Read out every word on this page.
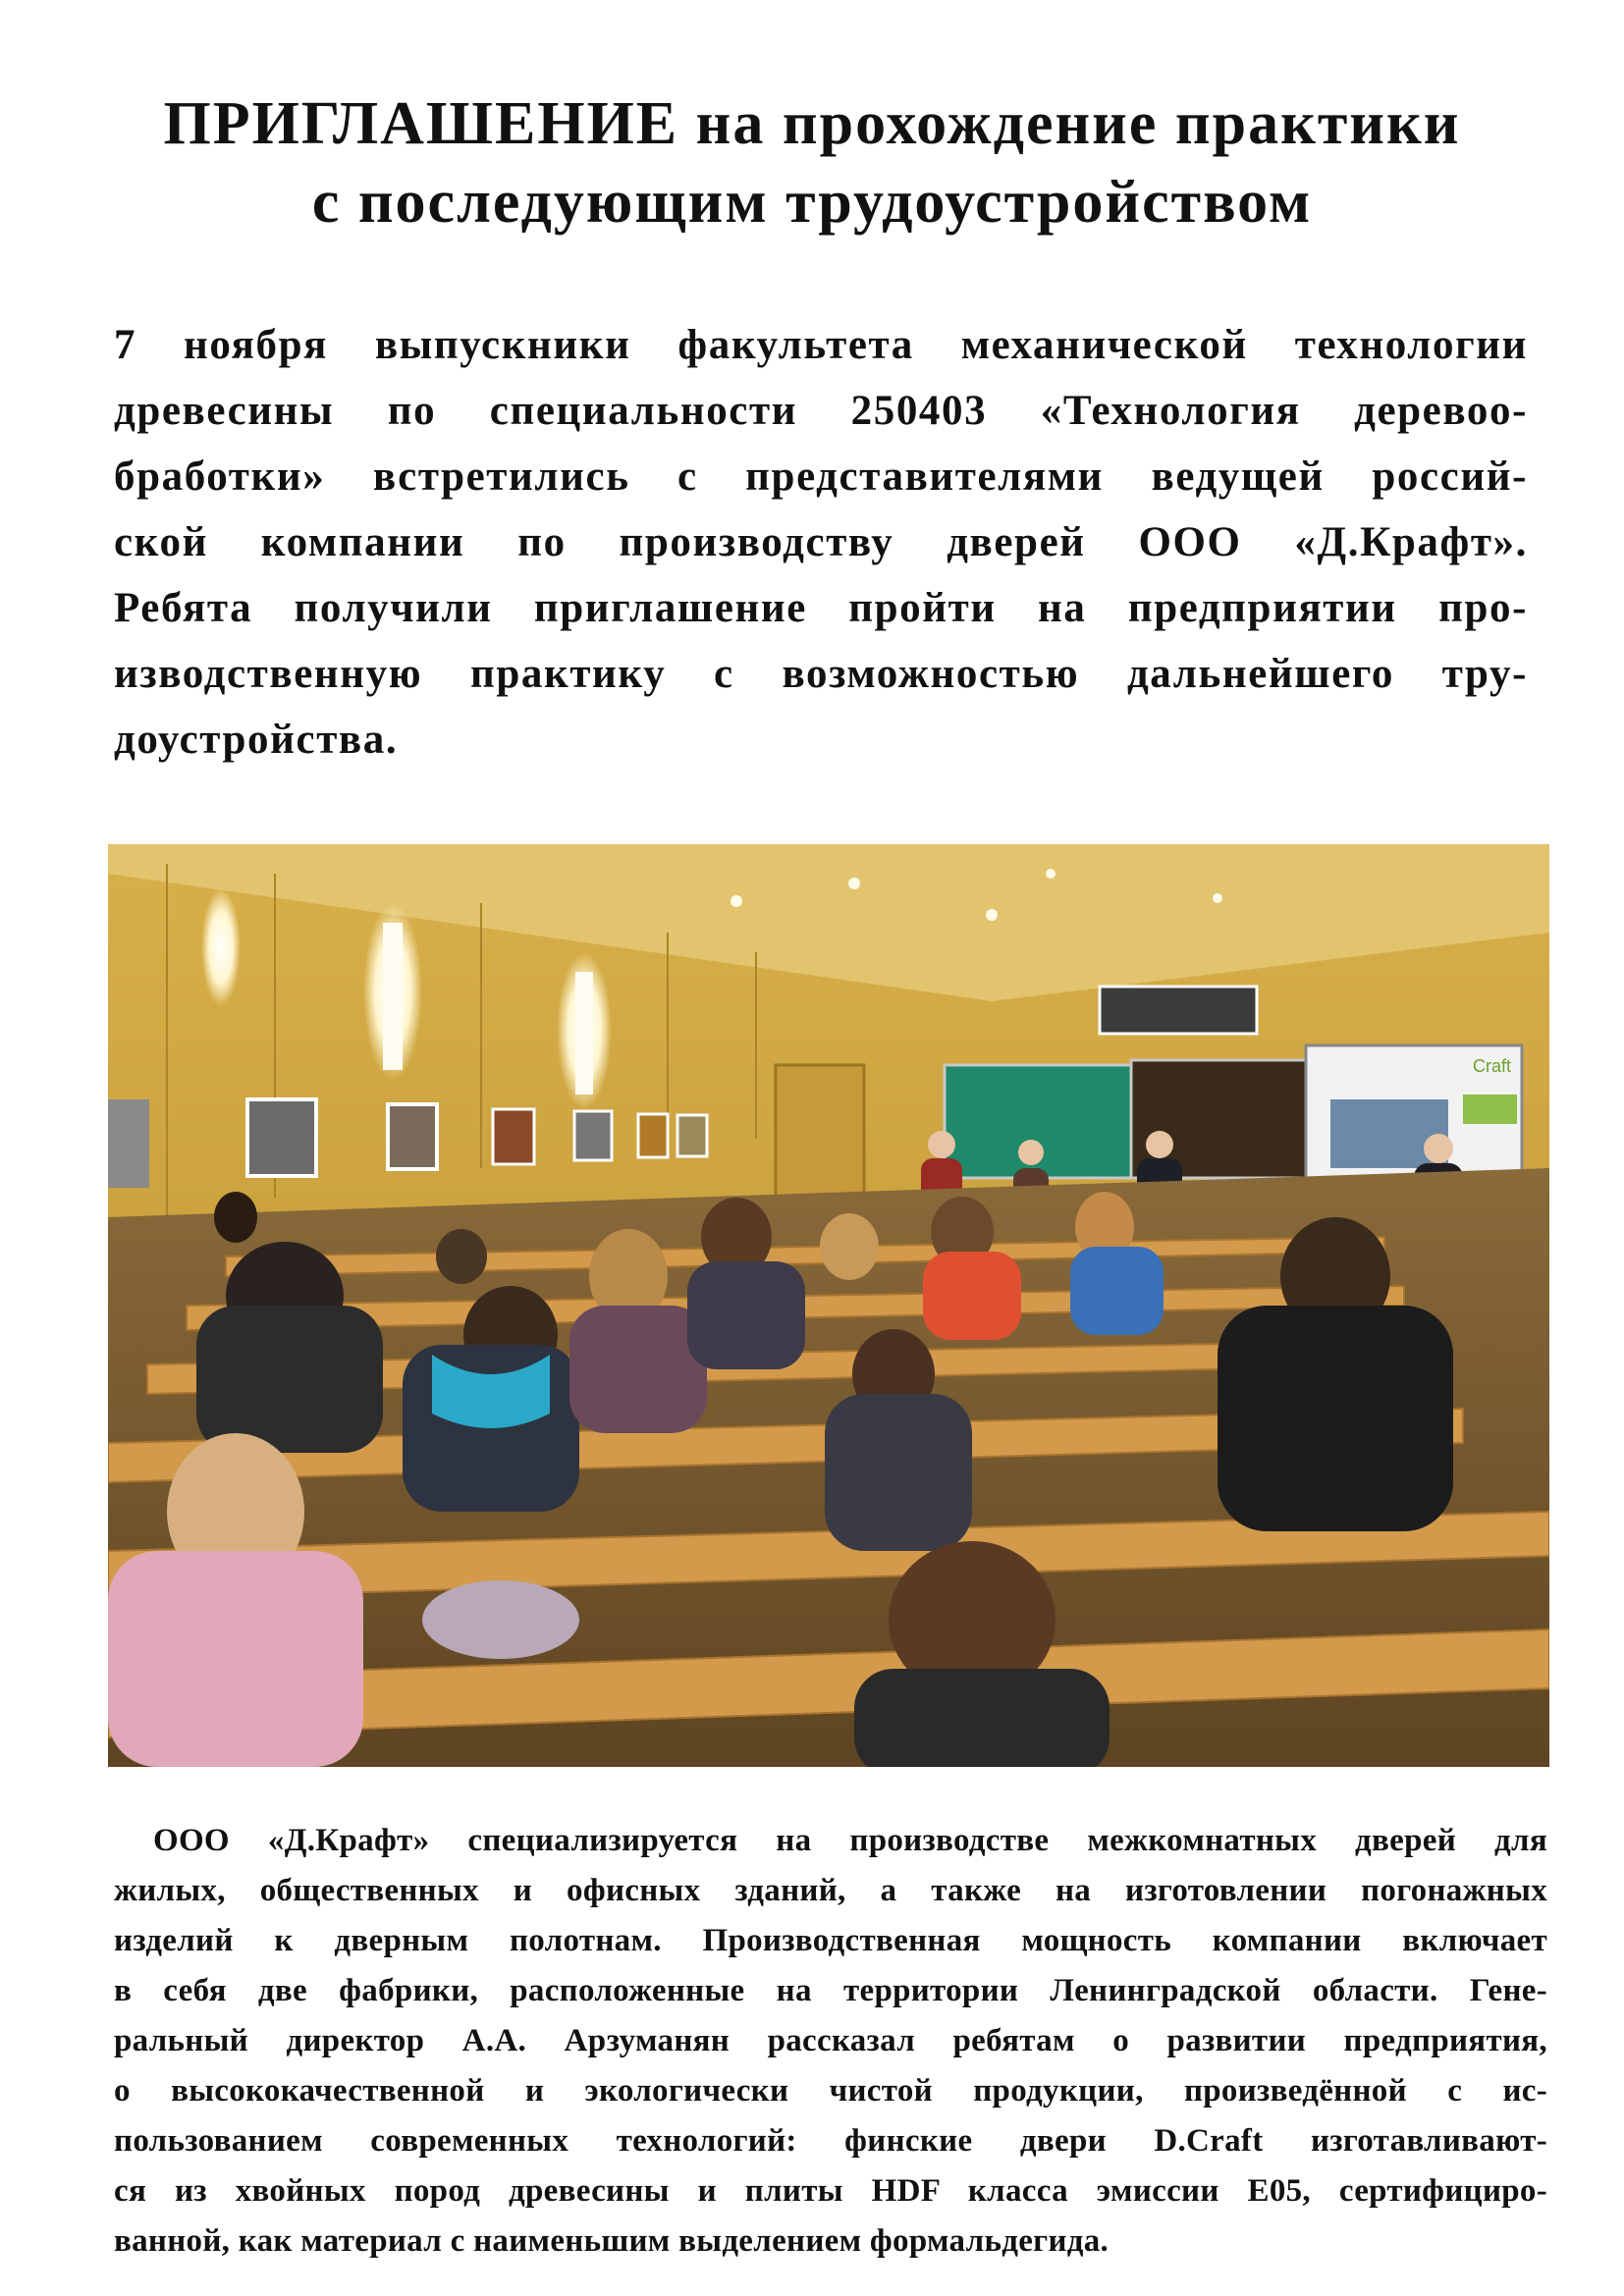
ПРИГЛАШЕНИЕ на прохождение практики
с последующим трудоустройством

7 ноября выпускники факультета механической технологии
древесины по специальности 250403 «Технология деревоо-
бработки» встретились с представителями ведущей россий-
ской компании по производству дверей ООО «Д.Крафт».
Ребята получили приглашение пройти на предприятии про-
изводственную практику с возможностью дальнейшего тру-
доустройства.

Craft

ООО «Д.Крафт» специализируется на производстве межкомнатных дверей для
жилых, общественных и офисных зданий, а также на изготовлении погонажных
изделий к дверным полотнам. Производственная мощность компании включает
в себя две фабрики, расположенные на территории Ленинградской области. Гене-
ральный директор А.А. Арзуманян рассказал ребятам о развитии предприятия,
о высококачественной и экологически чистой продукции, произведённой с ис-
пользованием современных технологий: финские двери D.Craft изготавливают-
ся из хвойных пород древесины и плиты HDF класса эмиссии Е05, сертифициро-
ванной, как материал с наименьшим выделением формальдегида.
